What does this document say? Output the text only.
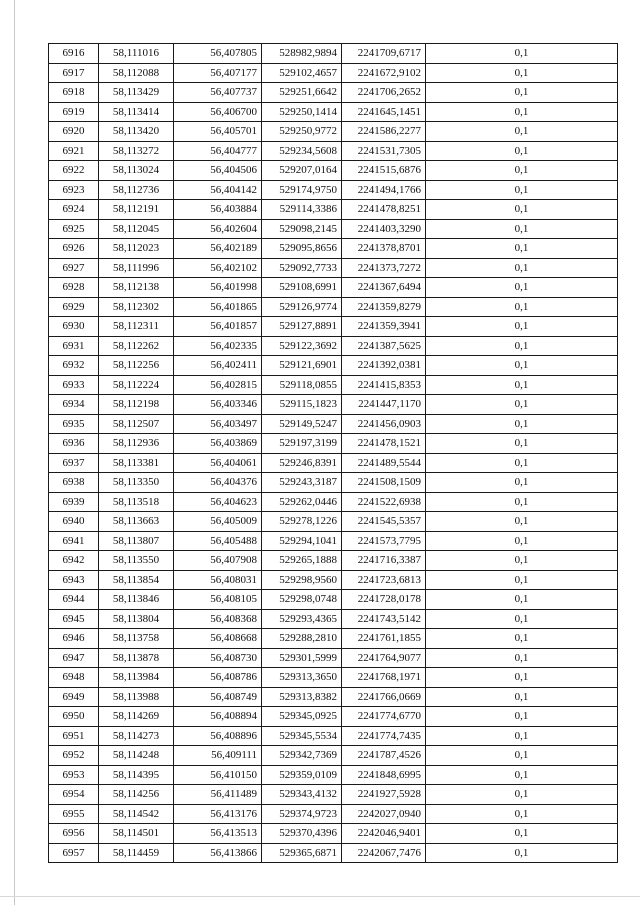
6916	58,111016	56,407805	528982,9894	2241709,6717	0,1
6917	58,112088	56,407177	529102,4657	2241672,9102	0,1
6918	58,113429	56,407737	529251,6642	2241706,2652	0,1
6919	58,113414	56,406700	529250,1414	2241645,1451	0,1
6920	58,113420	56,405701	529250,9772	2241586,2277	0,1
6921	58,113272	56,404777	529234,5608	2241531,7305	0,1
6922	58,113024	56,404506	529207,0164	2241515,6876	0,1
6923	58,112736	56,404142	529174,9750	2241494,1766	0,1
6924	58,112191	56,403884	529114,3386	2241478,8251	0,1
6925	58,112045	56,402604	529098,2145	2241403,3290	0,1
6926	58,112023	56,402189	529095,8656	2241378,8701	0,1
6927	58,111996	56,402102	529092,7733	2241373,7272	0,1
6928	58,112138	56,401998	529108,6991	2241367,6494	0,1
6929	58,112302	56,401865	529126,9774	2241359,8279	0,1
6930	58,112311	56,401857	529127,8891	2241359,3941	0,1
6931	58,112262	56,402335	529122,3692	2241387,5625	0,1
6932	58,112256	56,402411	529121,6901	2241392,0381	0,1
6933	58,112224	56,402815	529118,0855	2241415,8353	0,1
6934	58,112198	56,403346	529115,1823	2241447,1170	0,1
6935	58,112507	56,403497	529149,5247	2241456,0903	0,1
6936	58,112936	56,403869	529197,3199	2241478,1521	0,1
6937	58,113381	56,404061	529246,8391	2241489,5544	0,1
6938	58,113350	56,404376	529243,3187	2241508,1509	0,1
6939	58,113518	56,404623	529262,0446	2241522,6938	0,1
6940	58,113663	56,405009	529278,1226	2241545,5357	0,1
6941	58,113807	56,405488	529294,1041	2241573,7795	0,1
6942	58,113550	56,407908	529265,1888	2241716,3387	0,1
6943	58,113854	56,408031	529298,9560	2241723,6813	0,1
6944	58,113846	56,408105	529298,0748	2241728,0178	0,1
6945	58,113804	56,408368	529293,4365	2241743,5142	0,1
6946	58,113758	56,408668	529288,2810	2241761,1855	0,1
6947	58,113878	56,408730	529301,5999	2241764,9077	0,1
6948	58,113984	56,408786	529313,3650	2241768,1971	0,1
6949	58,113988	56,408749	529313,8382	2241766,0669	0,1
6950	58,114269	56,408894	529345,0925	2241774,6770	0,1
6951	58,114273	56,408896	529345,5534	2241774,7435	0,1
6952	58,114248	56,409111	529342,7369	2241787,4526	0,1
6953	58,114395	56,410150	529359,0109	2241848,6995	0,1
6954	58,114256	56,411489	529343,4132	2241927,5928	0,1
6955	58,114542	56,413176	529374,9723	2242027,0940	0,1
6956	58,114501	56,413513	529370,4396	2242046,9401	0,1
6957	58,114459	56,413866	529365,6871	2242067,7476	0,1
